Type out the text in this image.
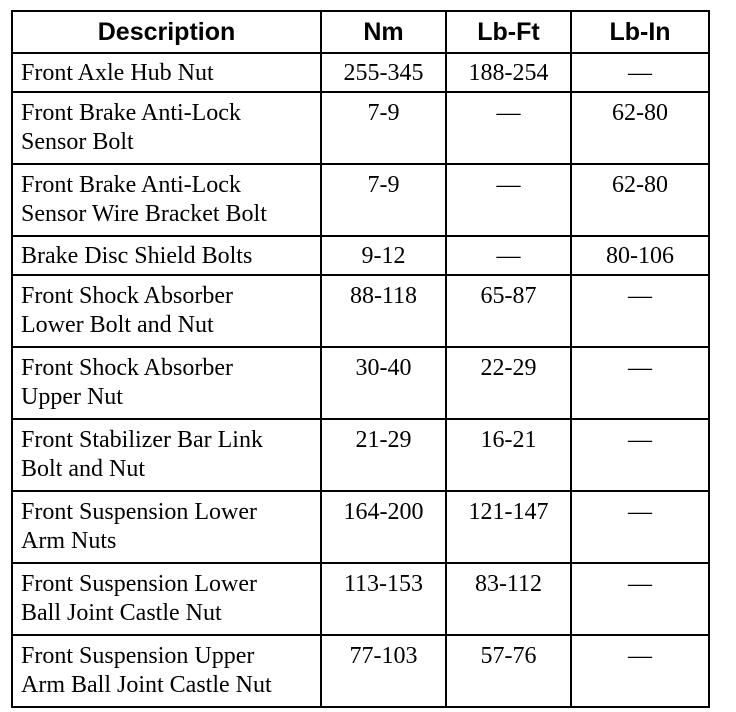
Description	Nm	Lb-Ft	Lb-In
Front Axle Hub Nut	255-345	188-254	—
Front Brake Anti-Lock
Sensor Bolt	7-9	—	62-80
Front Brake Anti-Lock
Sensor Wire Bracket Bolt	7-9	—	62-80
Brake Disc Shield Bolts	9-12	—	80-106
Front Shock Absorber
Lower Bolt and Nut	88-118	65-87	—
Front Shock Absorber
Upper Nut	30-40	22-29	—
Front Stabilizer Bar Link
Bolt and Nut	21-29	16-21	—
Front Suspension Lower
Arm Nuts	164-200	121-147	—
Front Suspension Lower
Ball Joint Castle Nut	113-153	83-112	—
Front Suspension Upper
Arm Ball Joint Castle Nut	77-103	57-76	—
